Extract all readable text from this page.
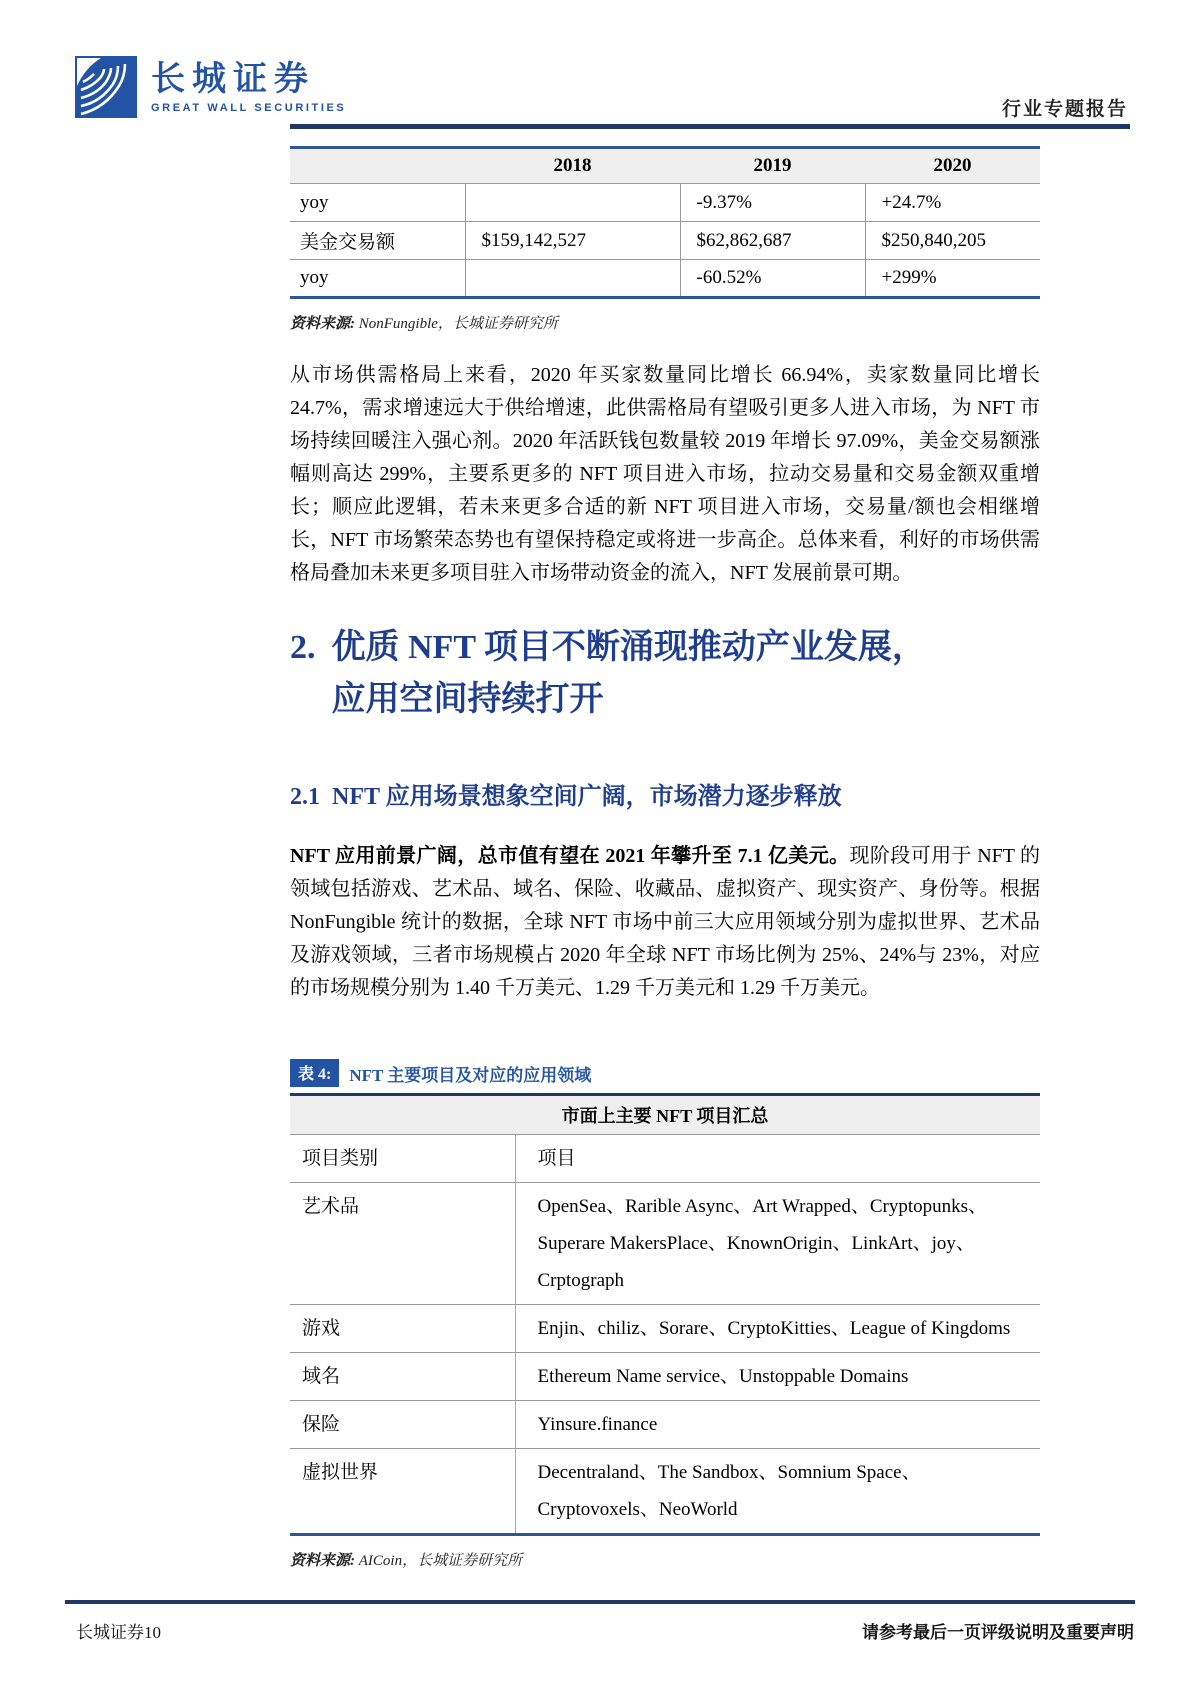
长城证券
GREAT WALL SECURITIES	行业专题报告
	2018	2019	2020
yoy		-9.37%	+24.7%
美金交易额	$159,142,527	$62,862,687	$250,840,205
yoy		-60.52%	+299%
资料来源: NonFungible，长城证券研究所

从市场供需格局上来看，2020 年买家数量同比增长 66.94%，卖家数量同比增长 24.7%，需求增速远大于供给增速，此供需格局有望吸引更多人进入市场，为 NFT 市场持续回暖注入强心剂。2020 年活跃钱包数量较 2019 年增长 97.09%，美金交易额涨幅则高达 299%，主要系更多的 NFT 项目进入市场，拉动交易量和交易金额双重增长；顺应此逻辑，若未来更多合适的新 NFT 项目进入市场，交易量/额也会相继增长，NFT 市场繁荣态势也有望保持稳定或将进一步高企。总体来看，利好的市场供需格局叠加未来更多项目驻入市场带动资金的流入，NFT 发展前景可期。

2. 优质 NFT 项目不断涌现推动产业发展，
应用空间持续打开
2.1 NFT 应用场景想象空间广阔，市场潜力逐步释放

NFT 应用前景广阔，总市值有望在 2021 年攀升至 7.1 亿美元。现阶段可用于 NFT 的领域包括游戏、艺术品、域名、保险、收藏品、虚拟资产、现实资产、身份等。根据 NonFungible 统计的数据，全球 NFT 市场中前三大应用领域分别为虚拟世界、艺术品及游戏领域，三者市场规模占 2020 年全球 NFT 市场比例为 25%、24%与 23%，对应的市场规模分别为 1.40 千万美元、1.29 千万美元和 1.29 千万美元。

表 4:	NFT 主要项目及对应的应用领域
市面上主要 NFT 项目汇总	
项目类别	项目
艺术品	OpenSea、Rarible Async、Art Wrapped、Cryptopunks、Superare MakersPlace、KnownOrigin、LinkArt、joy、Crptograph
游戏	Enjin、chiliz、Sorare、CryptoKitties、League of Kingdoms
域名	Ethereum Name service、Unstoppable Domains
保险	Yinsure.finance
虚拟世界	Decentraland、The Sandbox、Somnium Space、Cryptovoxels、NeoWorld
资料来源: AICoin，长城证券研究所
长城证券10	请参考最后一页评级说明及重要声明
